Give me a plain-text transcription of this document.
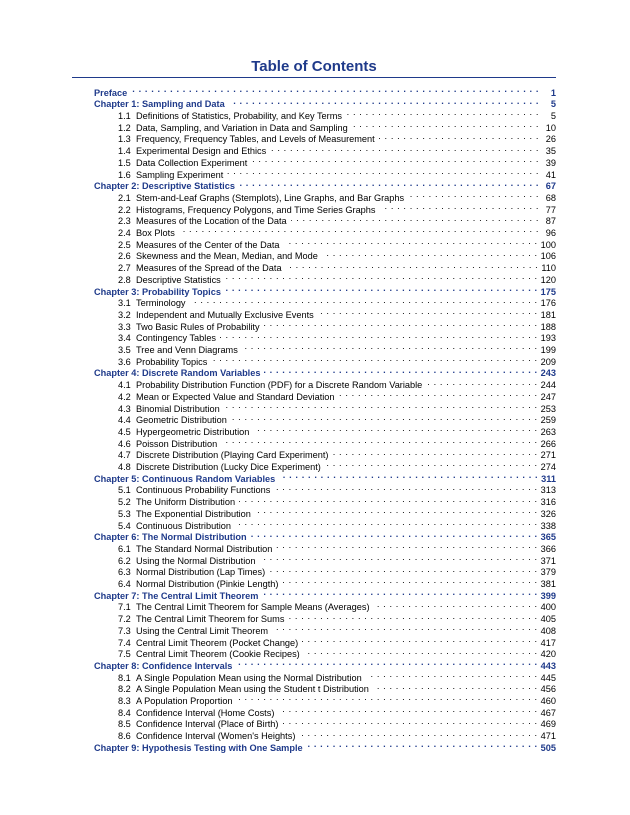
Table of Contents
Preface . . .	1
Chapter 1: Sampling and Data . . .	5
1.1 Definitions of Statistics, Probability, and Key Terms . . .	5
1.2 Data, Sampling, and Variation in Data and Sampling . . .	10
1.3 Frequency, Frequency Tables, and Levels of Measurement . . .	26
1.4 Experimental Design and Ethics . . .	35
1.5 Data Collection Experiment . . .	39
1.6 Sampling Experiment . . .	41
Chapter 2: Descriptive Statistics . . .	67
2.1 Stem-and-Leaf Graphs (Stemplots), Line Graphs, and Bar Graphs . . .	68
2.2 Histograms, Frequency Polygons, and Time Series Graphs . . .	77
2.3 Measures of the Location of the Data . . .	87
2.4 Box Plots . . .	96
2.5 Measures of the Center of the Data . . .	100
2.6 Skewness and the Mean, Median, and Mode . . .	106
2.7 Measures of the Spread of the Data . . .	110
2.8 Descriptive Statistics . . .	120
Chapter 3: Probability Topics . . .	175
3.1 Terminology . . .	176
3.2 Independent and Mutually Exclusive Events . . .	181
3.3 Two Basic Rules of Probability . . .	188
3.4 Contingency Tables . . .	193
3.5 Tree and Venn Diagrams . . .	199
3.6 Probability Topics . . .	209
Chapter 4: Discrete Random Variables . . .	243
4.1 Probability Distribution Function (PDF) for a Discrete Random Variable . . .	244
4.2 Mean or Expected Value and Standard Deviation . . .	247
4.3 Binomial Distribution . . .	253
4.4 Geometric Distribution . . .	259
4.5 Hypergeometric Distribution . . .	263
4.6 Poisson Distribution . . .	266
4.7 Discrete Distribution (Playing Card Experiment) . . .	271
4.8 Discrete Distribution (Lucky Dice Experiment) . . .	274
Chapter 5: Continuous Random Variables . . .	311
5.1 Continuous Probability Functions . . .	313
5.2 The Uniform Distribution . . .	316
5.3 The Exponential Distribution . . .	326
5.4 Continuous Distribution . . .	338
Chapter 6: The Normal Distribution . . .	365
6.1 The Standard Normal Distribution . . .	366
6.2 Using the Normal Distribution . . .	371
6.3 Normal Distribution (Lap Times) . . .	379
6.4 Normal Distribution (Pinkie Length) . . .	381
Chapter 7: The Central Limit Theorem . . .	399
7.1 The Central Limit Theorem for Sample Means (Averages) . . .	400
7.2 The Central Limit Theorem for Sums . . .	405
7.3 Using the Central Limit Theorem . . .	408
7.4 Central Limit Theorem (Pocket Change) . . .	417
7.5 Central Limit Theorem (Cookie Recipes) . . .	420
Chapter 8: Confidence Intervals . . .	443
8.1 A Single Population Mean using the Normal Distribution . . .	445
8.2 A Single Population Mean using the Student t Distribution . . .	456
8.3 A Population Proportion . . .	460
8.4 Confidence Interval (Home Costs) . . .	467
8.5 Confidence Interval (Place of Birth) . . .	469
8.6 Confidence Interval (Women's Heights) . . .	471
Chapter 9: Hypothesis Testing with One Sample . . .	505
